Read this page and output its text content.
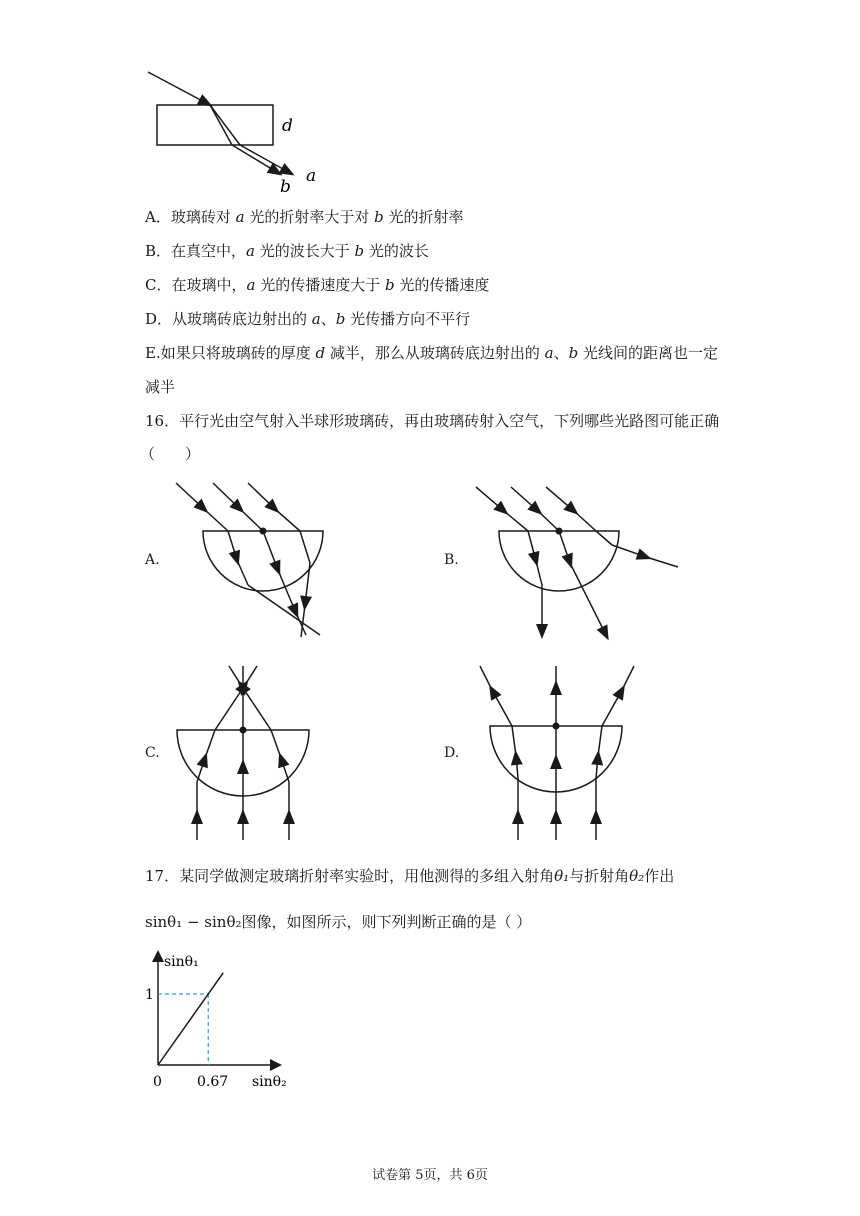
d
a
b
A．玻璃砖对 a 光的折射率大于对 b 光的折射率
B．在真空中，a 光的波长大于 b 光的波长
C．在玻璃中，a 光的传播速度大于 b 光的传播速度
D．从玻璃砖底边射出的 a、b 光传播方向不平行
E.如果只将玻璃砖的厚度 d 减半，那么从玻璃砖底边射出的 a、b 光线间的距离也一定
减半
16．平行光由空气射入半球形玻璃砖，再由玻璃砖射入空气，下列哪些光路图可能正确
（　　）
A.	B.
C.	D.
17．某同学做测定玻璃折射率实验时，用他测得的多组入射角θ₁与折射角θ₂作出
sinθ₁ − sinθ₂图像，如图所示，则下列判断正确的是（ ）
sinθ₁
sinθ₂
1
0.67
0
试卷第 5页，共 6页
